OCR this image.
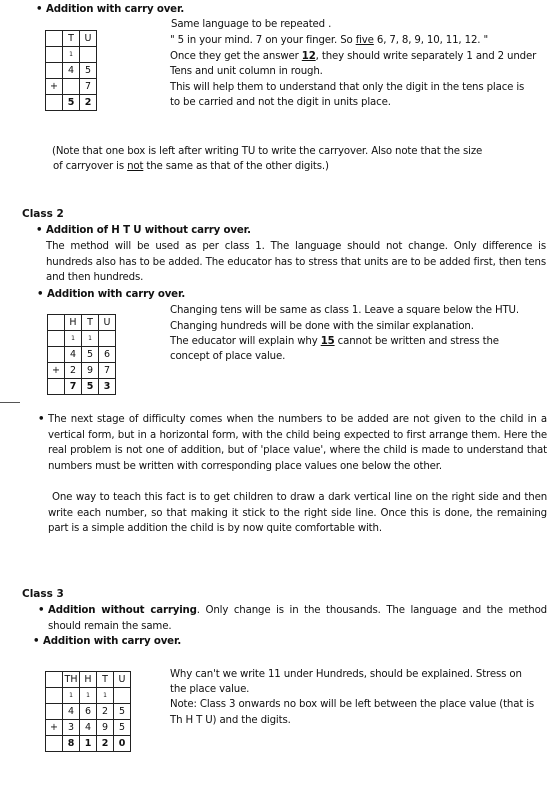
• Addition with carry over.
	T	U
	1	
	4	5
+		7
	5	2
Same language to be repeated .
" 5 in your mind. 7 on your finger. So five 6, 7, 8, 9, 10, 11, 12. "
Once they get the answer 12, they should write separately 1 and 2 under
Tens and unit column in rough.
This will help them to understand that only the digit in the tens place is
to be carried and not the digit in units place.
(Note that one box is left after writing TU to write the carryover. Also note that the size
of carryover is not the same as that of the other digits.)
Class 2
• Addition of H T U without carry over.
The method will be used as per class 1. The language should not change. Only difference is hundreds also has to be added. The educator has to stress that units are to be added first, then tens and then hundreds.
• Addition with carry over.
	H	T	U
	1	1	
	4	5	6
+	2	9	7
	7	5	3
Changing tens will be same as class 1. Leave a square below the HTU.
Changing hundreds will be done with the similar explanation.
The educator will explain why 15 cannot be written and stress the
concept of place value.
• The next stage of difficulty comes when the numbers to be added are not given to the child in a vertical form, but in a horizontal form, with the child being expected to first arrange them. Here the real problem is not one of addition, but of 'place value', where the child is made to understand that numbers must be written with corresponding place values one below the other.
One way to teach this fact is to get children to draw a dark vertical line on the right side and then write each number, so that making it stick to the right side line. Once this is done, the remaining part is a simple addition the child is by now quite comfortable with.
Class 3
• Addition without carrying. Only change is in the thousands. The language and the method should remain the same.
• Addition with carry over.
	TH	H	T	U
	1	1	1	
	4	6	2	5
+	3	4	9	5
	8	1	2	0
Why can't we write 11 under Hundreds, should be explained. Stress on
the place value.
Note: Class 3 onwards no box will be left between the place value (that is
Th H T U) and the digits.
